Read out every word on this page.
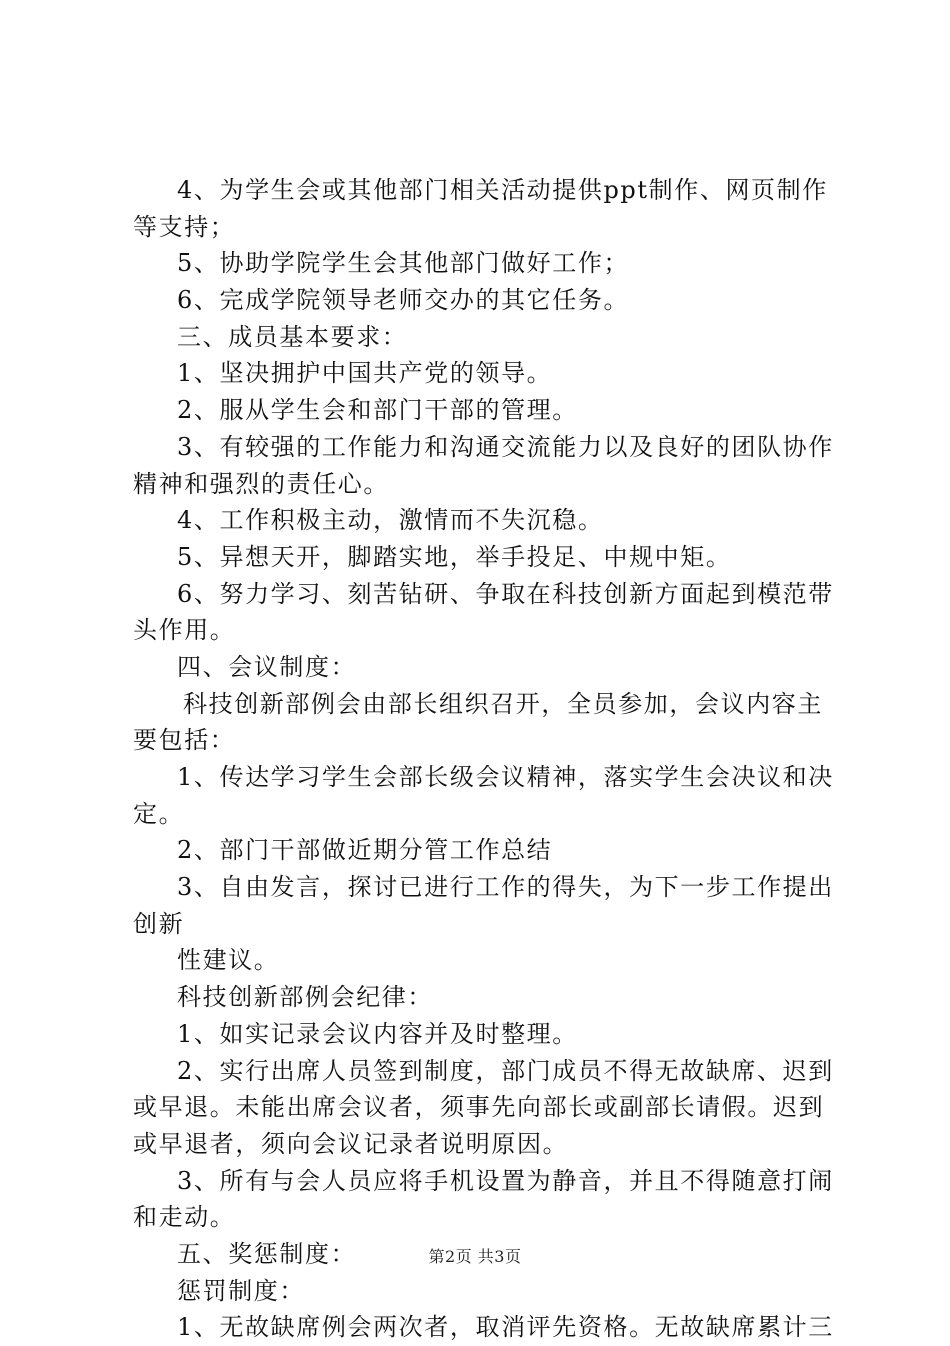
4、为学生会或其他部门相关活动提供ppt制作、网页制作
等支持；
5、协助学院学生会其他部门做好工作；
6、完成学院领导老师交办的其它任务。
三、成员基本要求：
1、坚决拥护中国共产党的领导。
2、服从学生会和部门干部的管理。
3、有较强的工作能力和沟通交流能力以及良好的团队协作
精神和强烈的责任心。
4、工作积极主动，激情而不失沉稳。
5、异想天开，脚踏实地，举手投足、中规中矩。
6、努力学习、刻苦钻研、争取在科技创新方面起到模范带
头作用。
四、会议制度：
科技创新部例会由部长组织召开，全员参加，会议内容主
要包括：
1、传达学习学生会部长级会议精神，落实学生会决议和决
定。
2、部门干部做近期分管工作总结
3、自由发言，探讨已进行工作的得失，为下一步工作提出
创新
性建议。
科技创新部例会纪律：
1、如实记录会议内容并及时整理。
2、实行出席人员签到制度，部门成员不得无故缺席、迟到
或早退。未能出席会议者，须事先向部长或副部长请假。迟到
或早退者，须向会议记录者说明原因。
3、所有与会人员应将手机设置为静音，并且不得随意打闹
和走动。
五、奖惩制度：
惩罚制度：
1、无故缺席例会两次者，取消评先资格。无故缺席累计三
第2页 共3页
